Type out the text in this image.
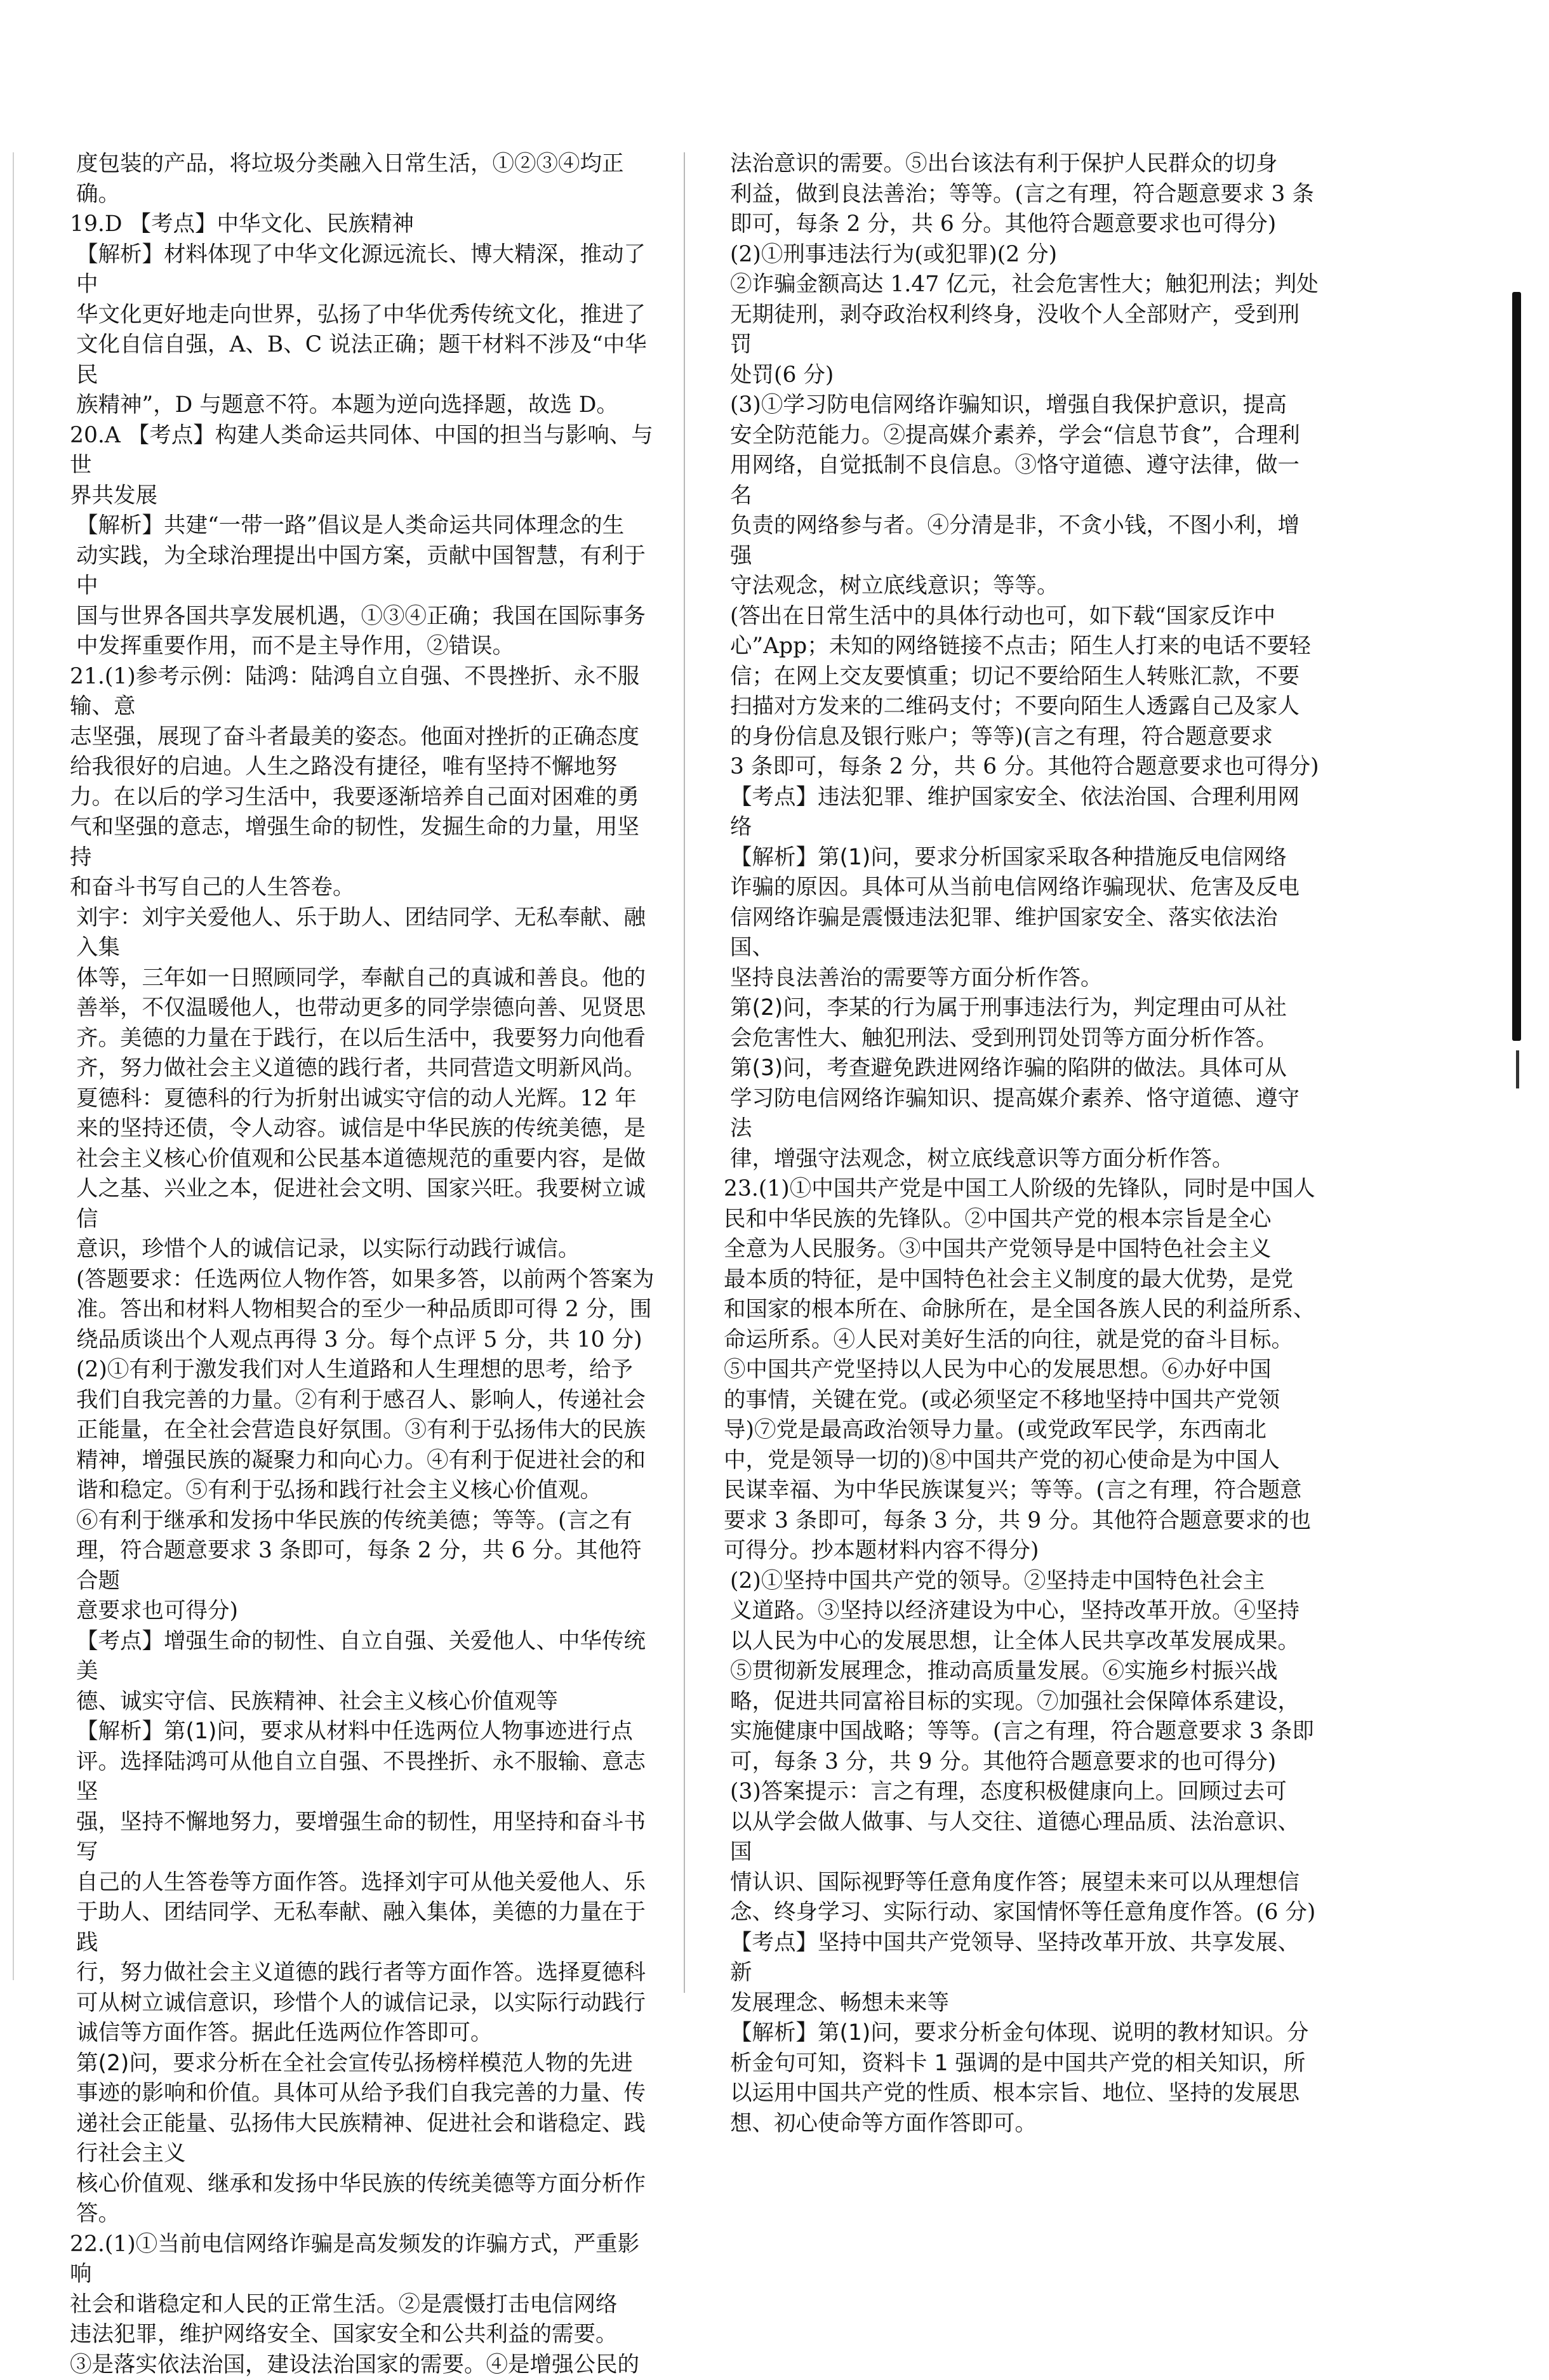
度包装的产品，将垃圾分类融入日常生活，①②③④均正确。

19.D 【考点】中华文化、民族精神

【解析】材料体现了中华文化源远流长、博大精深，推动了中
华文化更好地走向世界，弘扬了中华优秀传统文化，推进了
文化自信自强，A、B、C 说法正确；题干材料不涉及“中华民
族精神”，D 与题意不符。本题为逆向选择题，故选 D。

20.A 【考点】构建人类命运共同体、中国的担当与影响、与世
界共发展

【解析】共建“一带一路”倡议是人类命运共同体理念的生
动实践，为全球治理提出中国方案，贡献中国智慧，有利于中
国与世界各国共享发展机遇，①③④正确；我国在国际事务
中发挥重要作用，而不是主导作用，②错误。

21.(1)参考示例：陆鸿：陆鸿自立自强、不畏挫折、永不服输、意
志坚强，展现了奋斗者最美的姿态。他面对挫折的正确态度
给我很好的启迪。人生之路没有捷径，唯有坚持不懈地努
力。在以后的学习生活中，我要逐渐培养自己面对困难的勇
气和坚强的意志，增强生命的韧性，发掘生命的力量，用坚持
和奋斗书写自己的人生答卷。

刘宇：刘宇关爱他人、乐于助人、团结同学、无私奉献、融入集
体等，三年如一日照顾同学，奉献自己的真诚和善良。他的
善举，不仅温暖他人，也带动更多的同学崇德向善、见贤思
齐。美德的力量在于践行，在以后生活中，我要努力向他看
齐，努力做社会主义道德的践行者，共同营造文明新风尚。

夏德科：夏德科的行为折射出诚实守信的动人光辉。12 年
来的坚持还债，令人动容。诚信是中华民族的传统美德，是
社会主义核心价值观和公民基本道德规范的重要内容，是做
人之基、兴业之本，促进社会文明、国家兴旺。我要树立诚信
意识，珍惜个人的诚信记录，以实际行动践行诚信。

(答题要求：任选两位人物作答，如果多答，以前两个答案为
准。答出和材料人物相契合的至少一种品质即可得 2 分，围
绕品质谈出个人观点再得 3 分。每个点评 5 分，共 10 分)

(2)①有利于激发我们对人生道路和人生理想的思考，给予
我们自我完善的力量。②有利于感召人、影响人，传递社会
正能量，在全社会营造良好氛围。③有利于弘扬伟大的民族
精神，增强民族的凝聚力和向心力。④有利于促进社会的和
谐和稳定。⑤有利于弘扬和践行社会主义核心价值观。
⑥有利于继承和发扬中华民族的传统美德；等等。(言之有
理，符合题意要求 3 条即可，每条 2 分，共 6 分。其他符合题
意要求也可得分)

【考点】增强生命的韧性、自立自强、关爱他人、中华传统美
德、诚实守信、民族精神、社会主义核心价值观等

【解析】第(1)问，要求从材料中任选两位人物事迹进行点
评。选择陆鸿可从他自立自强、不畏挫折、永不服输、意志坚
强，坚持不懈地努力，要增强生命的韧性，用坚持和奋斗书写
自己的人生答卷等方面作答。选择刘宇可从他关爱他人、乐
于助人、团结同学、无私奉献、融入集体，美德的力量在于践
行，努力做社会主义道德的践行者等方面作答。选择夏德科
可从树立诚信意识，珍惜个人的诚信记录，以实际行动践行
诚信等方面作答。据此任选两位作答即可。

第(2)问，要求分析在全社会宣传弘扬榜样模范人物的先进
事迹的影响和价值。具体可从给予我们自我完善的力量、传
递社会正能量、弘扬伟大民族精神、促进社会和谐稳定、践行社会主义
核心价值观、继承和发扬中华民族的传统美德等方面分析作
答。

22.(1)①当前电信网络诈骗是高发频发的诈骗方式，严重影响
社会和谐稳定和人民的正常生活。②是震慑打击电信网络
违法犯罪，维护网络安全、国家安全和公共利益的需要。
③是落实依法治国，建设法治国家的需要。④是增强公民的

法治意识的需要。⑤出台该法有利于保护人民群众的切身
利益，做到良法善治；等等。(言之有理，符合题意要求 3 条
即可，每条 2 分，共 6 分。其他符合题意要求也可得分)

(2)①刑事违法行为(或犯罪)(2 分)
②诈骗金额高达 1.47 亿元，社会危害性大；触犯刑法；判处
无期徒刑，剥夺政治权利终身，没收个人全部财产，受到刑罚
处罚(6 分)

(3)①学习防电信网络诈骗知识，增强自我保护意识，提高
安全防范能力。②提高媒介素养，学会“信息节食”，合理利
用网络，自觉抵制不良信息。③恪守道德、遵守法律，做一名
负责的网络参与者。④分清是非，不贪小钱，不图小利，增强
守法观念，树立底线意识；等等。

(答出在日常生活中的具体行动也可，如下载“国家反诈中
心”App；未知的网络链接不点击；陌生人打来的电话不要轻
信；在网上交友要慎重；切记不要给陌生人转账汇款，不要
扫描对方发来的二维码支付；不要向陌生人透露自己及家人
的身份信息及银行账户；等等)(言之有理，符合题意要求
3 条即可，每条 2 分，共 6 分。其他符合题意要求也可得分)

【考点】违法犯罪、维护国家安全、依法治国、合理利用网络

【解析】第(1)问，要求分析国家采取各种措施反电信网络
诈骗的原因。具体可从当前电信网络诈骗现状、危害及反电
信网络诈骗是震慑违法犯罪、维护国家安全、落实依法治国、
坚持良法善治的需要等方面分析作答。

第(2)问，李某的行为属于刑事违法行为，判定理由可从社
会危害性大、触犯刑法、受到刑罚处罚等方面分析作答。

第(3)问，考查避免跌进网络诈骗的陷阱的做法。具体可从
学习防电信网络诈骗知识、提高媒介素养、恪守道德、遵守法
律，增强守法观念，树立底线意识等方面分析作答。

23.(1)①中国共产党是中国工人阶级的先锋队，同时是中国人
民和中华民族的先锋队。②中国共产党的根本宗旨是全心
全意为人民服务。③中国共产党领导是中国特色社会主义
最本质的特征，是中国特色社会主义制度的最大优势，是党
和国家的根本所在、命脉所在，是全国各族人民的利益所系、
命运所系。④人民对美好生活的向往，就是党的奋斗目标。
⑤中国共产党坚持以人民为中心的发展思想。⑥办好中国
的事情，关键在党。(或必须坚定不移地坚持中国共产党领
导)⑦党是最高政治领导力量。(或党政军民学，东西南北
中，党是领导一切的)⑧中国共产党的初心使命是为中国人
民谋幸福、为中华民族谋复兴；等等。(言之有理，符合题意
要求 3 条即可，每条 3 分，共 9 分。其他符合题意要求的也
可得分。抄本题材料内容不得分)

(2)①坚持中国共产党的领导。②坚持走中国特色社会主
义道路。③坚持以经济建设为中心，坚持改革开放。④坚持
以人民为中心的发展思想，让全体人民共享改革发展成果。
⑤贯彻新发展理念，推动高质量发展。⑥实施乡村振兴战
略，促进共同富裕目标的实现。⑦加强社会保障体系建设，
实施健康中国战略；等等。(言之有理，符合题意要求 3 条即
可，每条 3 分，共 9 分。其他符合题意要求的也可得分)

(3)答案提示：言之有理，态度积极健康向上。回顾过去可
以从学会做人做事、与人交往、道德心理品质、法治意识、国
情认识、国际视野等任意角度作答；展望未来可以从理想信
念、终身学习、实际行动、家国情怀等任意角度作答。(6 分)

【考点】坚持中国共产党领导、坚持改革开放、共享发展、新
发展理念、畅想未来等

【解析】第(1)问，要求分析金句体现、说明的教材知识。分
析金句可知，资料卡 1 强调的是中国共产党的相关知识，所
以运用中国共产党的性质、根本宗旨、地位、坚持的发展思
想、初心使命等方面作答即可。
